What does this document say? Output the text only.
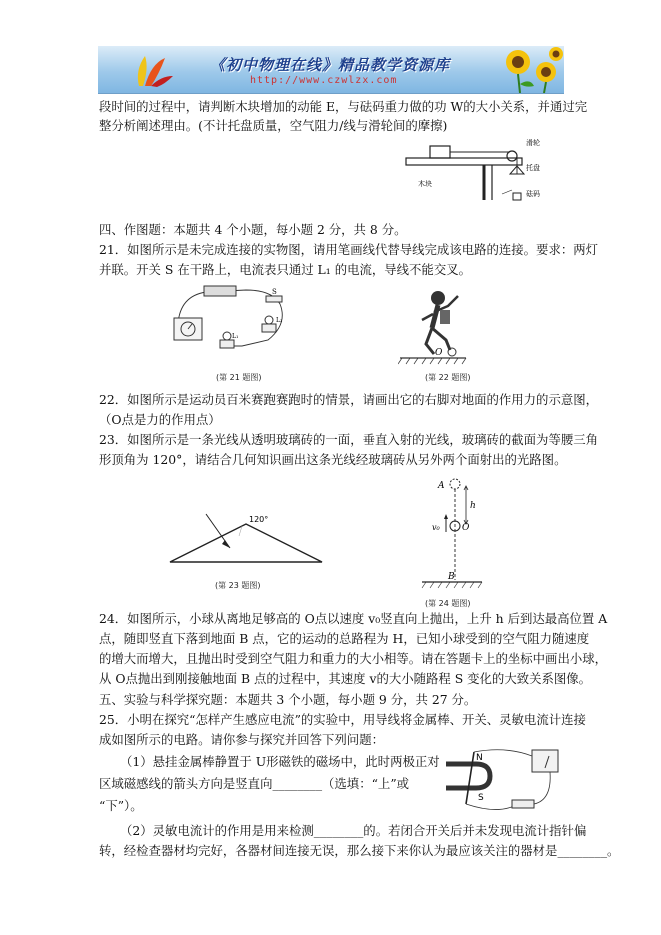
《初中物理在线》精品教学资源库
http://www.czwlzx.com
段时间的过程中，请判断木块增加的动能 E，与砝码重力做的功 W的大小关系，并通过完
整分析阐述理由。(不计托盘质量，空气阻力/线与滑轮间的摩擦)
滑轮
托盘
木块
砝码
四、作图题：本题共 4 个小题，每小题 2 分，共 8 分。
21．如图所示是未完成连接的实物图，请用笔画线代替导线完成该电路的连接。要求：两灯
并联。开关 S 在干路上，电流表只通过 L₁ 的电流，导线不能交叉。
S
L₁
L₂
(第 21 题图)
O
(第 22 题图)
22．如图所示是运动员百米赛跑赛跑时的情景，请画出它的右脚对地面的作用力的示意图，
（O点是力的作用点）
23．如图所示是一条光线从透明玻璃砖的一面，垂直入射的光线，玻璃砖的截面为等腰三角
形顶角为 120°，请结合几何知识画出这条光线经玻璃砖从另外两个面射出的光路图。
120°
(第 23 题图)
A
h
v₀ O
B
(第 24 题图)
24．如图所示，小球从离地足够高的 O点以速度 v₀竖直向上抛出，上升 h 后到达最高位置 A
点，随即竖直下落到地面 B 点，它的运动的总路程为 H，已知小球受到的空气阻力随速度
的增大而增大，且抛出时受到空气阻力和重力的大小相等。请在答题卡上的坐标中画出小球，
从 O点抛出到刚接触地面 B 点的过程中，其速度 v的大小随路程 S 变化的大致关系图像。
五、实验与科学探究题：本题共 3 个小题，每小题 9 分，共 27 分。
25．小明在探究“怎样产生感应电流”的实验中，用导线将金属棒、开关、灵敏电流计连接
成如图所示的电路。请你参与探究并回答下列问题：
（1）悬挂金属棒静置于 U形磁铁的磁场中，此时两极正对
区域磁感线的箭头方向是竖直向________（选填：“上”或
“下”）。
N
S
（2）灵敏电流计的作用是用来检测________的。若闭合开关后并未发现电流计指针偏
转，经检查器材均完好，各器材间连接无误，那么接下来你认为最应该关注的器材是________。
